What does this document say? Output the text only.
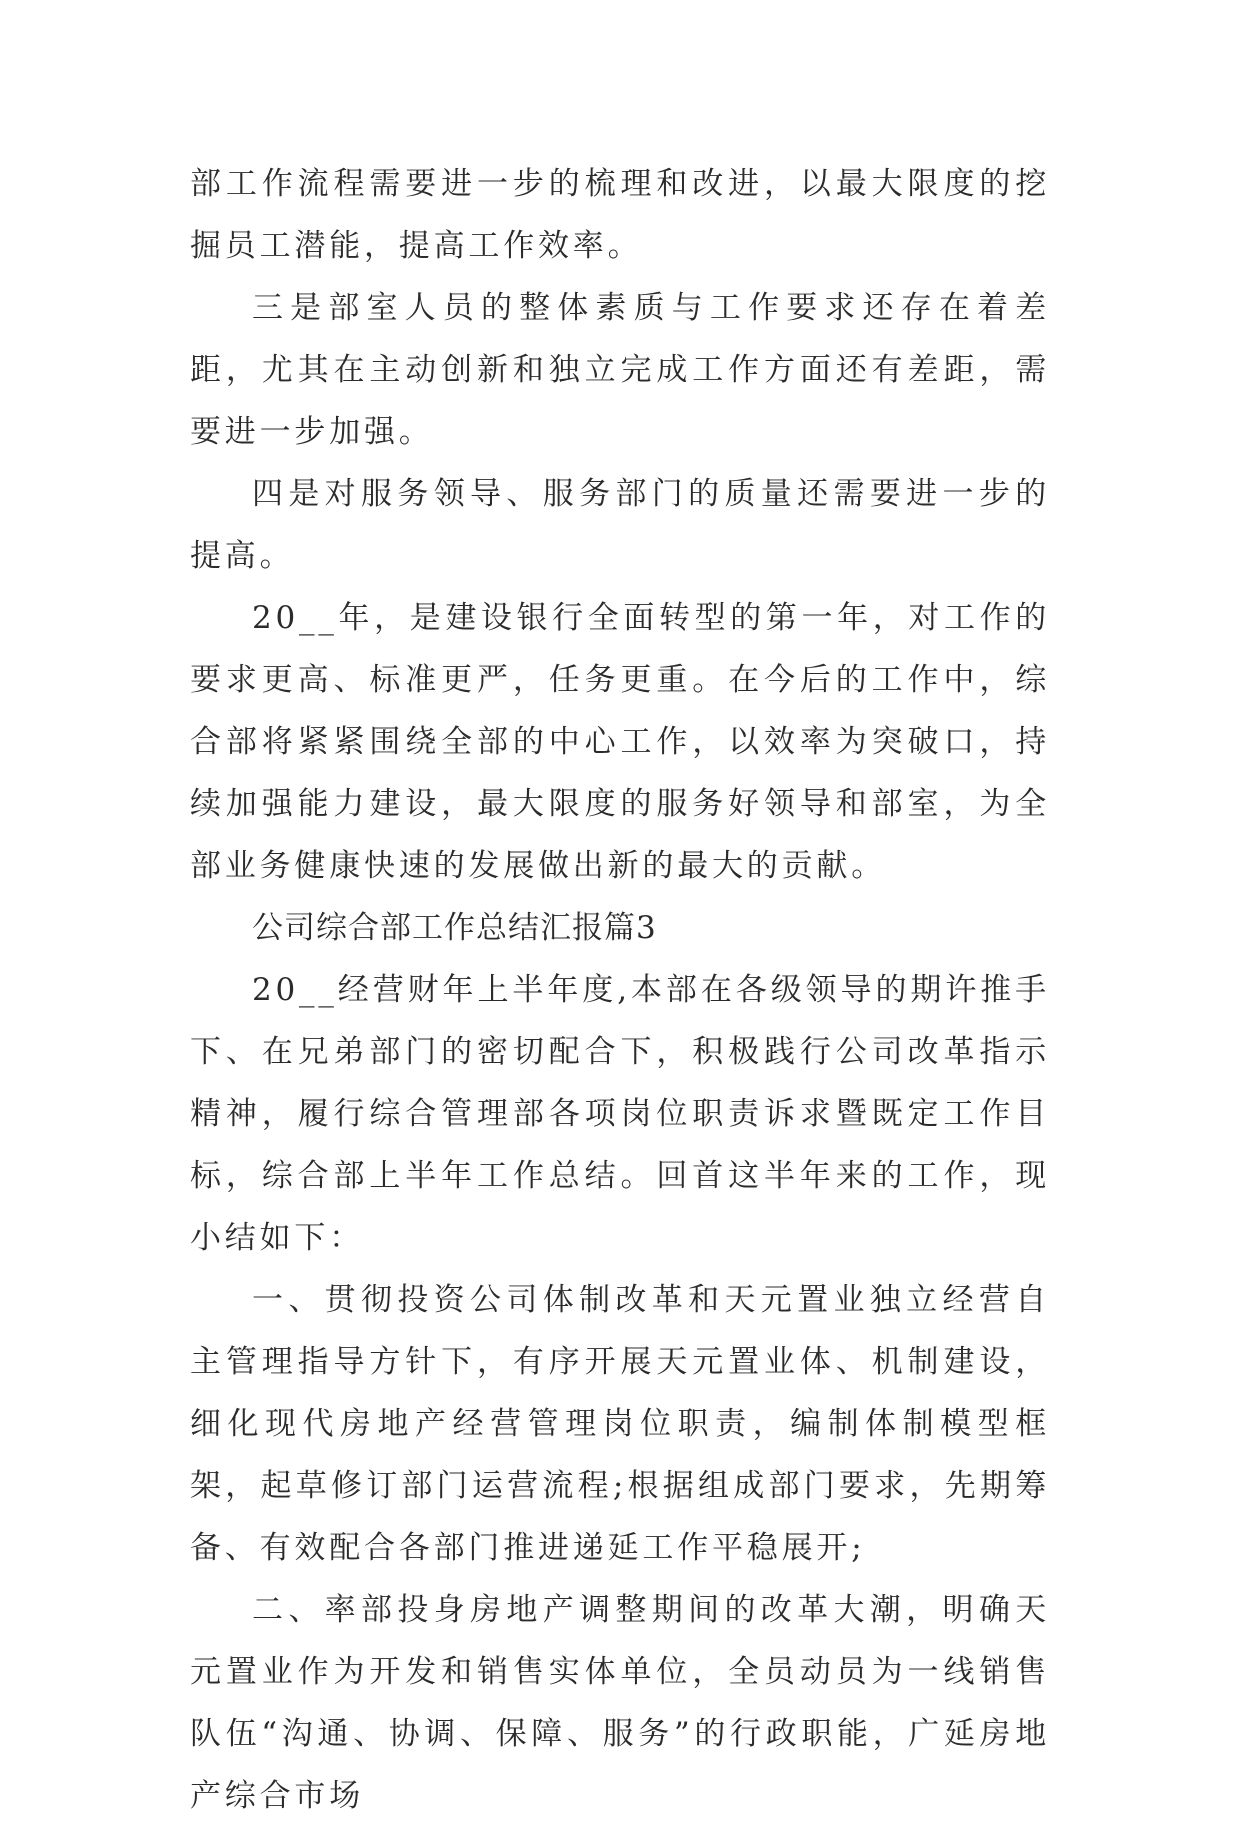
部工作流程需要进一步的梳理和改进，以最大限度的挖掘员工潜能，提高工作效率。

三是部室人员的整体素质与工作要求还存在着差距，尤其在主动创新和独立完成工作方面还有差距，需要进一步加强。

四是对服务领导、服务部门的质量还需要进一步的提高。

20__年，是建设银行全面转型的第一年，对工作的要求更高、标准更严，任务更重。在今后的工作中，综合部将紧紧围绕全部的中心工作，以效率为突破口，持续加强能力建设，最大限度的服务好领导和部室，为全部业务健康快速的发展做出新的最大的贡献。

公司综合部工作总结汇报篇3

20__经营财年上半年度,本部在各级领导的期许推手下、在兄弟部门的密切配合下，积极践行公司改革指示精神，履行综合管理部各项岗位职责诉求暨既定工作目标，综合部上半年工作总结。回首这半年来的工作，现小结如下：

一、贯彻投资公司体制改革和天元置业独立经营自主管理指导方针下，有序开展天元置业体、机制建设，细化现代房地产经营管理岗位职责，编制体制模型框架，起草修订部门运营流程;根据组成部门要求，先期筹备、有效配合各部门推进递延工作平稳展开;

二、率部投身房地产调整期间的改革大潮，明确天元置业作为开发和销售实体单位，全员动员为一线销售队伍“沟通、协调、保障、服务”的行政职能，广延房地产综合市场
